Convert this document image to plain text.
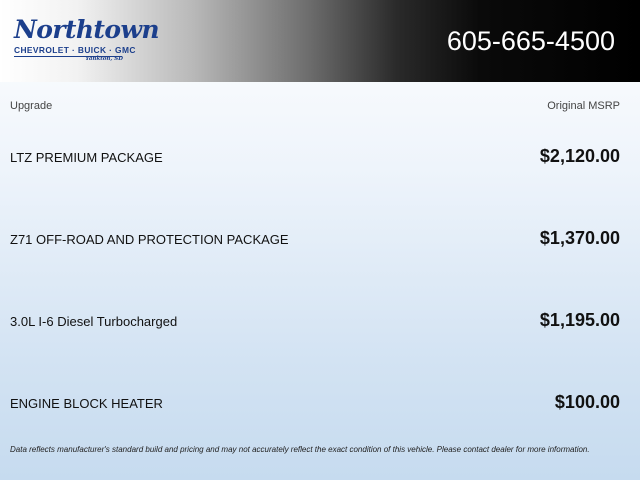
Northtown
CHEVROLET · BUICK · GMC
Yankton, SD
605-665-4500
Upgrade	Original MSRP
LTZ PREMIUM PACKAGE	$2,120.00
Z71 OFF-ROAD AND PROTECTION PACKAGE	$1,370.00
3.0L I-6 Diesel Turbocharged	$1,195.00
ENGINE BLOCK HEATER	$100.00
Data reflects manufacturer's standard build and pricing and may not accurately reflect the exact condition of this vehicle. Please contact dealer for more information.
